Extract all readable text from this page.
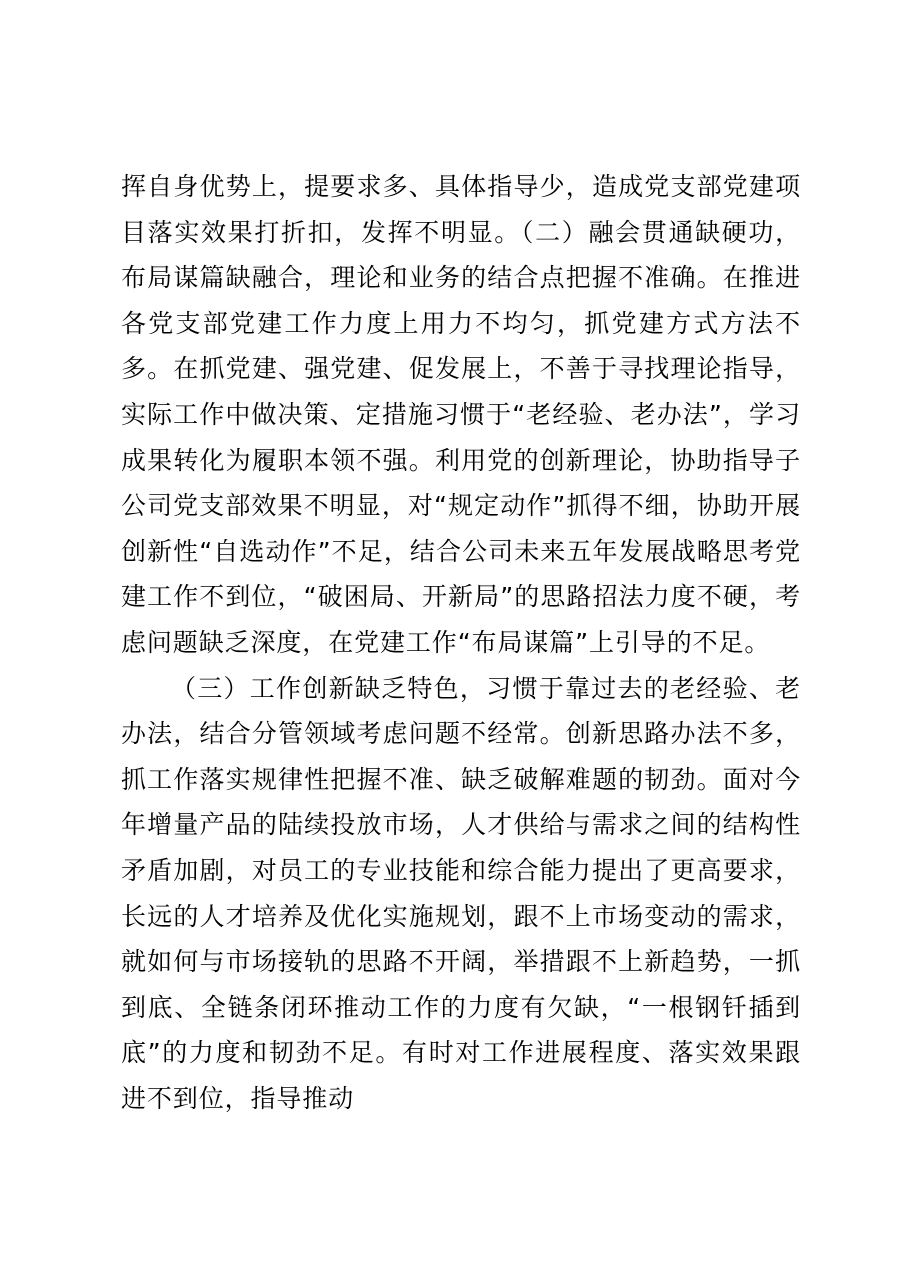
挥自身优势上，提要求多、具体指导少，造成党支部党建项目落实效果打折扣，发挥不明显。（二）融会贯通缺硬功，布局谋篇缺融合，理论和业务的结合点把握不准确。在推进各党支部党建工作力度上用力不均匀，抓党建方式方法不多。在抓党建、强党建、促发展上，不善于寻找理论指导，实际工作中做决策、定措施习惯于“老经验、老办法”，学习成果转化为履职本领不强。利用党的创新理论，协助指导子公司党支部效果不明显，对“规定动作”抓得不细，协助开展创新性“自选动作”不足，结合公司未来五年发展战略思考党建工作不到位，“破困局、开新局”的思路招法力度不硬，考虑问题缺乏深度，在党建工作“布局谋篇”上引导的不足。

（三）工作创新缺乏特色，习惯于靠过去的老经验、老办法，结合分管领域考虑问题不经常。创新思路办法不多，抓工作落实规律性把握不准、缺乏破解难题的韧劲。面对今年增量产品的陆续投放市场，人才供给与需求之间的结构性矛盾加剧，对员工的专业技能和综合能力提出了更高要求，长远的人才培养及优化实施规划，跟不上市场变动的需求，就如何与市场接轨的思路不开阔，举措跟不上新趋势，一抓到底、全链条闭环推动工作的力度有欠缺，“一根钢钎插到底”的力度和韧劲不足。有时对工作进展程度、落实效果跟进不到位，指导推动
